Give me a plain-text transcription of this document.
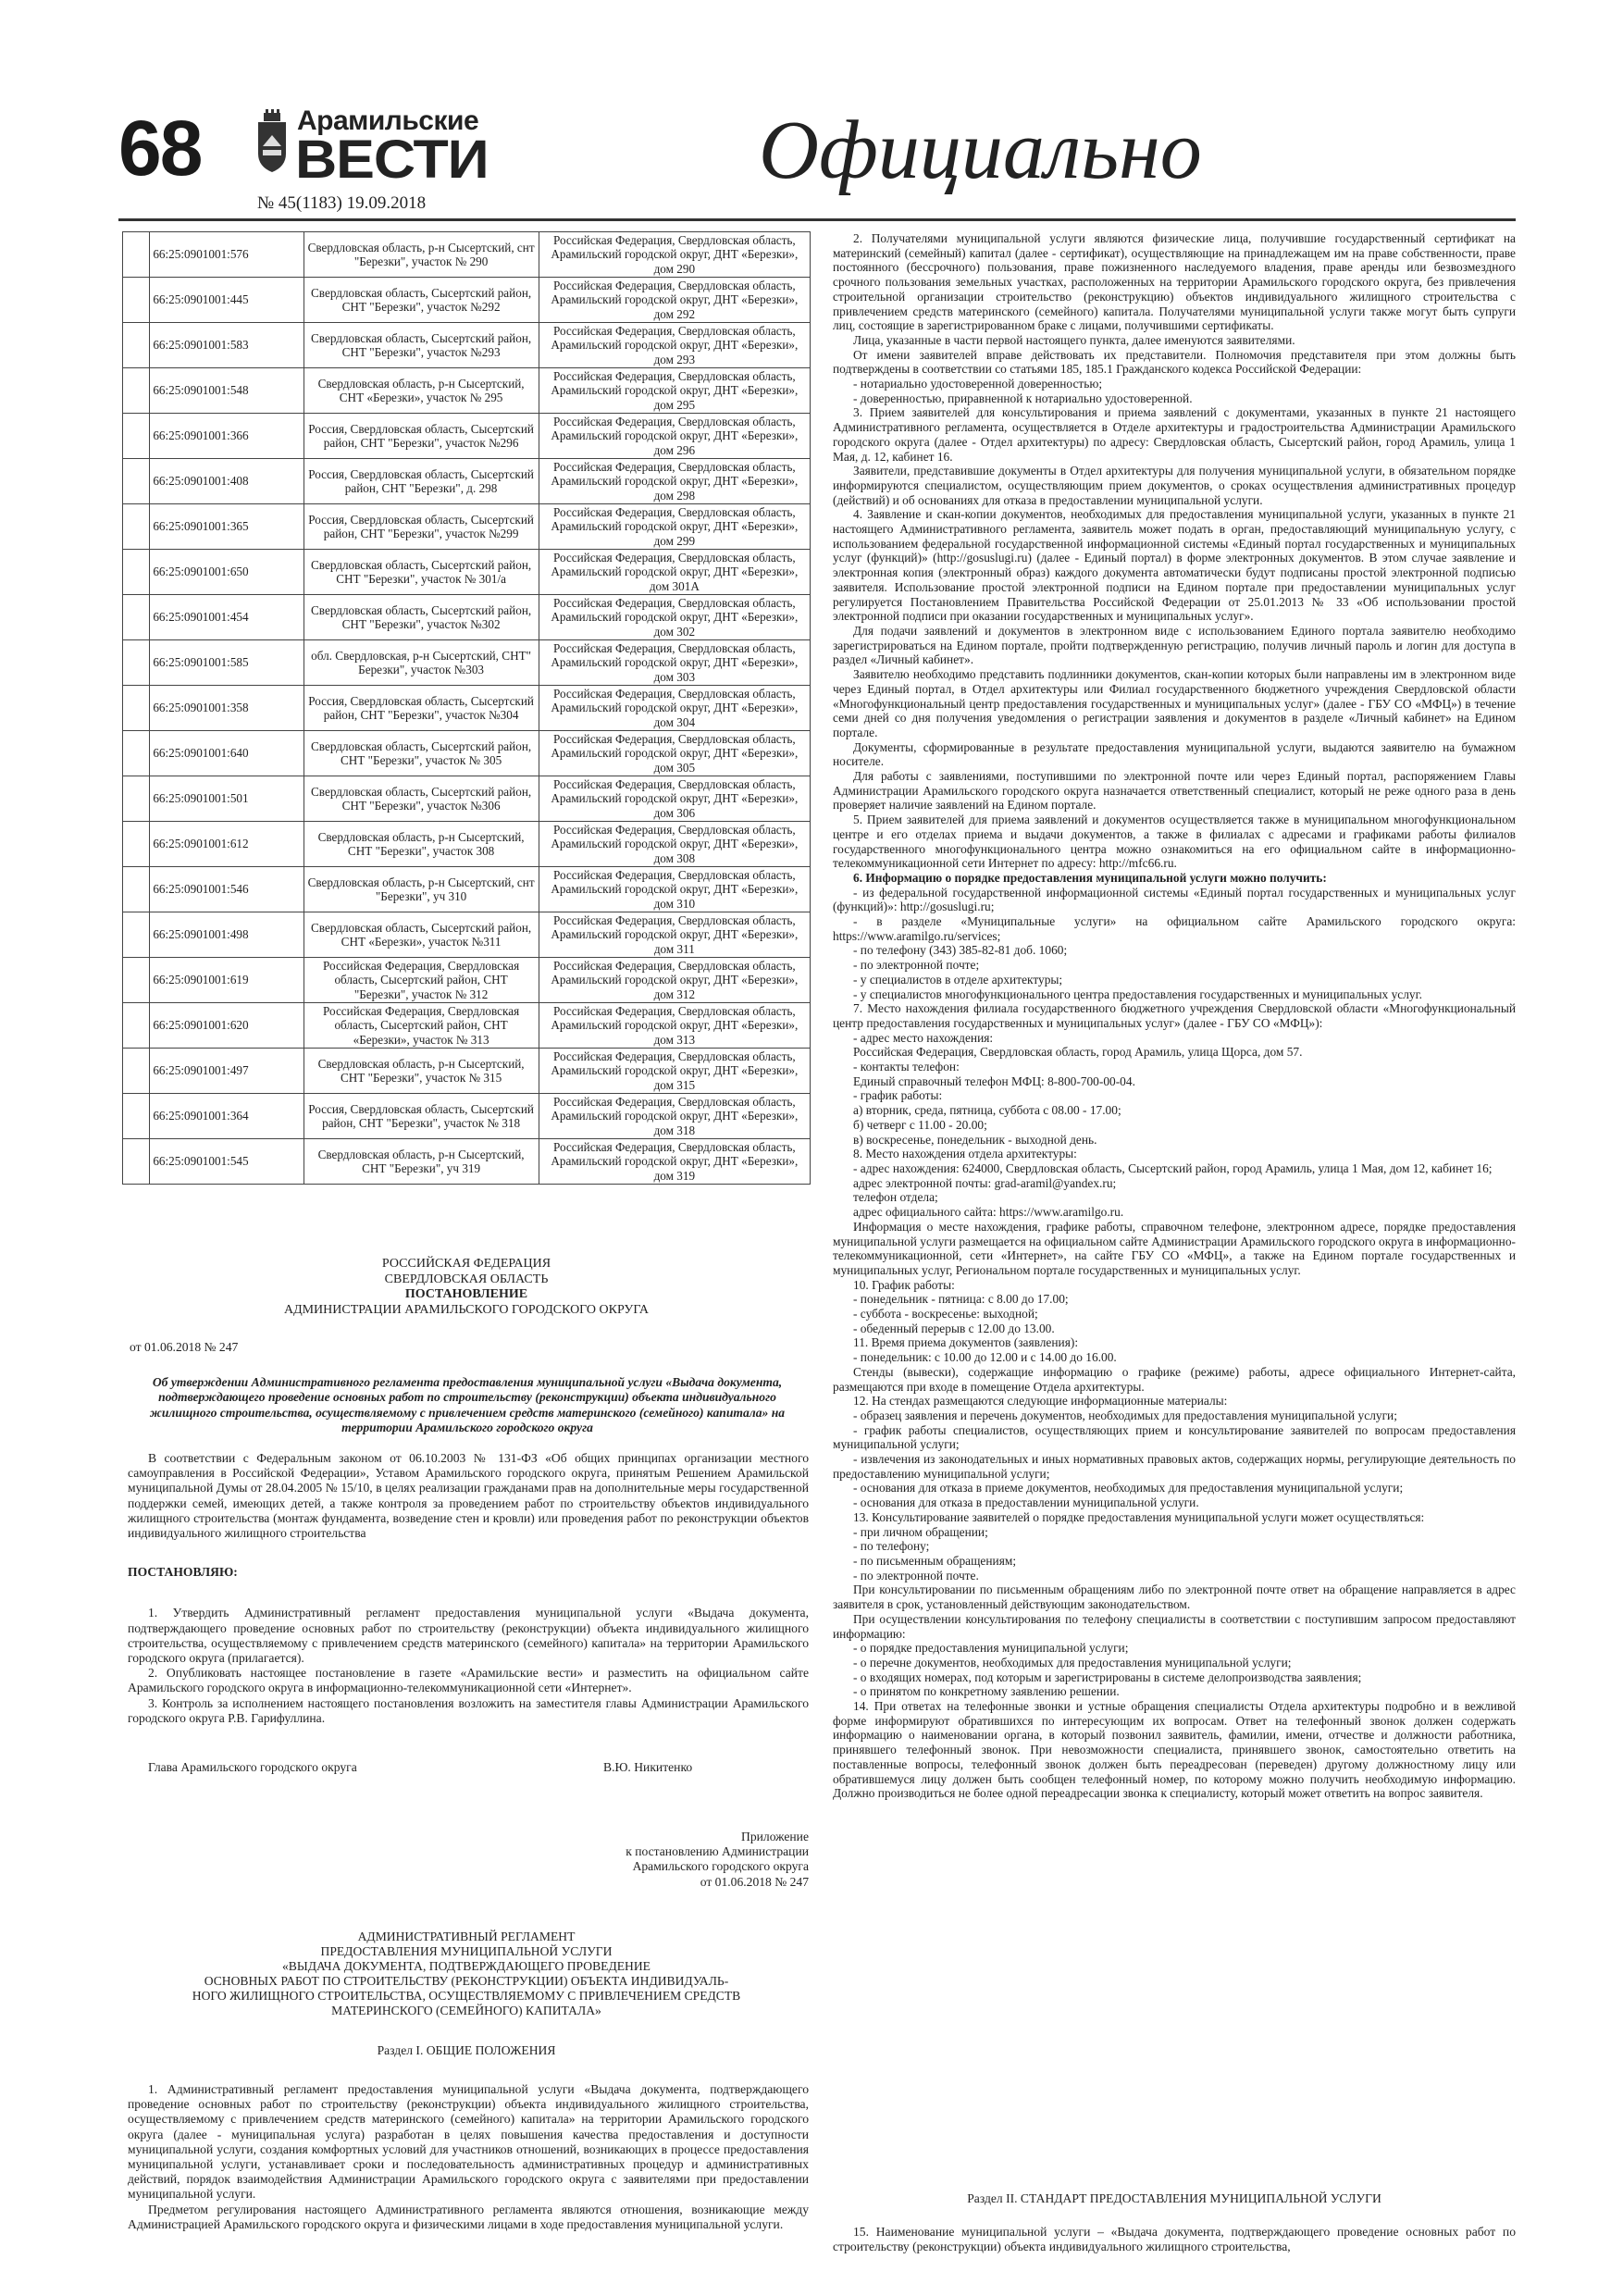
68	Арамильские
ВЕСТИ
№ 45(1183) 19.09.2018
Официально
	66:25:0901001:576	Свердловская область, р-н Сысертский, снт "Березки", участок № 290	Российская Федерация, Свердловская область, Арамильский городской округ, ДНТ «Березки», дом 290
	66:25:0901001:445	Свердловская область, Сысертский район, СНТ "Березки", участок №292	Российская Федерация, Свердловская область, Арамильский городской округ, ДНТ «Березки», дом 292
	66:25:0901001:583	Свердловская область, Сысертский район, СНТ "Березки", участок №293	Российская Федерация, Свердловская область, Арамильский городской округ, ДНТ «Березки», дом 293
	66:25:0901001:548	Свердловская область, р-н Сысертский, СНТ «Березки», участок № 295	Российская Федерация, Свердловская область, Арамильский городской округ, ДНТ «Березки», дом 295
	66:25:0901001:366	Россия, Свердловская область, Сысертский район, СНТ "Березки", участок №296	Российская Федерация, Свердловская область, Арамильский городской округ, ДНТ «Березки», дом 296
	66:25:0901001:408	Россия, Свердловская область, Сысертский район, СНТ "Березки", д. 298	Российская Федерация, Свердловская область, Арамильский городской округ, ДНТ «Березки», дом 298
	66:25:0901001:365	Россия, Свердловская область, Сысертский район, СНТ "Березки", участок №299	Российская Федерация, Свердловская область, Арамильский городской округ, ДНТ «Березки», дом 299
	66:25:0901001:650	Свердловская область, Сысертский район, СНТ "Березки", участок № 301/а	Российская Федерация, Свердловская область, Арамильский городской округ, ДНТ «Березки», дом 301А
	66:25:0901001:454	Свердловская область, Сысертский район, СНТ "Березки", участок №302	Российская Федерация, Свердловская область, Арамильский городской округ, ДНТ «Березки», дом 302
	66:25:0901001:585	обл. Свердловская, р-н Сысертский, СНТ" Березки", участок №303	Российская Федерация, Свердловская область, Арамильский городской округ, ДНТ «Березки», дом 303
	66:25:0901001:358	Россия, Свердловская область, Сысертский район, СНТ "Березки", участок №304	Российская Федерация, Свердловская область, Арамильский городской округ, ДНТ «Березки», дом 304
	66:25:0901001:640	Свердловская область, Сысертский район, СНТ "Березки", участок № 305	Российская Федерация, Свердловская область, Арамильский городской округ, ДНТ «Березки», дом 305
	66:25:0901001:501	Свердловская область, Сысертский район, СНТ "Березки", участок №306	Российская Федерация, Свердловская область, Арамильский городской округ, ДНТ «Березки», дом 306
	66:25:0901001:612	Свердловская область, р-н Сысертский, СНТ "Березки", участок 308	Российская Федерация, Свердловская область, Арамильский городской округ, ДНТ «Березки», дом 308
	66:25:0901001:546	Свердловская область, р-н Сысертский, снт "Березки", уч 310	Российская Федерация, Свердловская область, Арамильский городской округ, ДНТ «Березки», дом 310
	66:25:0901001:498	Свердловская область, Сысертский район, СНТ «Березки», участок №311	Российская Федерация, Свердловская область, Арамильский городской округ, ДНТ «Березки», дом 311
	66:25:0901001:619	Российская Федерация, Свердловская область, Сысертский район, СНТ "Березки", участок № 312	Российская Федерация, Свердловская область, Арамильский городской округ, ДНТ «Березки», дом 312
	66:25:0901001:620	Российская Федерация, Свердловская область, Сысертский район, СНТ «Березки», участок № 313	Российская Федерация, Свердловская область, Арамильский городской округ, ДНТ «Березки», дом 313
	66:25:0901001:497	Свердловская область, р-н Сысертский, СНТ "Березки", участок № 315	Российская Федерация, Свердловская область, Арамильский городской округ, ДНТ «Березки», дом 315
	66:25:0901001:364	Россия, Свердловская область, Сысертский район, СНТ "Березки", участок № 318	Российская Федерация, Свердловская область, Арамильский городской округ, ДНТ «Березки», дом 318
	66:25:0901001:545	Свердловская область, р-н Сысертский, СНТ "Березки", уч 319	Российская Федерация, Свердловская область, Арамильский городской округ, ДНТ «Березки», дом 319
РОССИЙСКАЯ ФЕДЕРАЦИЯ
СВЕРДЛОВСКАЯ ОБЛАСТЬ
ПОСТАНОВЛЕНИЕ
АДМИНИСТРАЦИИ АРАМИЛЬСКОГО ГОРОДСКОГО ОКРУГА
от 01.06.2018 № 247
Об утверждении Административного регламента предоставления муниципальной услуги «Выдача документа, подтверждающего проведение основных работ по строительству (реконструкции) объекта индивидуального жилищного строительства, осуществляемому с привлечением средств материнского (семейного) капитала» на территории Арамильского городского округа

В соответствии с Федеральным законом от 06.10.2003 № 131-ФЗ «Об общих принципах организации местного самоуправления в Российской Федерации», Уставом Арамильского городского округа, принятым Решением Арамильской муниципальной Думы от 28.04.2005 № 15/10, в целях реализации гражданами прав на дополнительные меры государственной поддержки семей, имеющих детей, а также контроля за проведением работ по строительству объектов индивидуального жилищного строительства (монтаж фундамента, возведение стен и кровли) или проведения работ по реконструкции объектов индивидуального жилищного строительства

ПОСТАНОВЛЯЮ:

1. Утвердить Административный регламент предоставления муниципальной услуги «Выдача документа, подтверждающего проведение основных работ по строительству (реконструкции) объекта индивидуального жилищного строительства, осуществляемому с привлечением средств материнского (семейного) капитала» на территории Арамильского городского округа (прилагается).

2. Опубликовать настоящее постановление в газете «Арамильские вести» и разместить на официальном сайте Арамильского городского округа в информационно-телекоммуникационной сети «Интернет».

3. Контроль за исполнением настоящего постановления возложить на заместителя главы Администрации Арамильского городского округа Р.В. Гарифуллина.

Глава Арамильского городского округа	В.Ю. Никитенко
Приложение
к постановлению Администрации
Арамильского городского округа
от 01.06.2018 № 247
АДМИНИСТРАТИВНЫЙ РЕГЛАМЕНТ
ПРЕДОСТАВЛЕНИЯ МУНИЦИПАЛЬНОЙ УСЛУГИ
«ВЫДАЧА ДОКУМЕНТА, ПОДТВЕРЖДАЮЩЕГО ПРОВЕДЕНИЕ
ОСНОВНЫХ РАБОТ ПО СТРОИТЕЛЬСТВУ (РЕКОНСТРУКЦИИ) ОБЪЕКТА ИНДИВИДУАЛЬ-
НОГО ЖИЛИЩНОГО СТРОИТЕЛЬСТВА, ОСУЩЕСТВЛЯЕМОМУ С ПРИВЛЕЧЕНИЕМ СРЕДСТВ
МАТЕРИНСКОГО (СЕМЕЙНОГО) КАПИТАЛА»
Раздел I. ОБЩИЕ ПОЛОЖЕНИЯ

1. Административный регламент предоставления муниципальной услуги «Выдача документа, подтверждающего проведение основных работ по строительству (реконструкции) объекта индивидуального жилищного строительства, осуществляемому с привлечением средств материнского (семейного) капитала» на территории Арамильского городского округа (далее - муниципальная услуга) разработан в целях повышения качества предоставления и доступности муниципальной услуги, создания комфортных условий для участников отношений, возникающих в процессе предоставления муниципальной услуги, устанавливает сроки и последовательность административных процедур и административных действий, порядок взаимодействия Администрации Арамильского городского округа с заявителями при предоставлении муниципальной услуги.

Предметом регулирования настоящего Административного регламента являются отношения, возникающие между Администрацией Арамильского городского округа и физическими лицами в ходе предоставления муниципальной услуги.

2. Получателями муниципальной услуги являются физические лица, получившие государственный сертификат на материнский (семейный) капитал (далее - сертификат), осуществляющие на принадлежащем им на праве собственности, праве постоянного (бессрочного) пользования, праве пожизненного наследуемого владения, праве аренды или безвозмездного срочного пользования земельных участках, расположенных на территории Арамильского городского округа, без привлечения строительной организации строительство (реконструкцию) объектов индивидуального жилищного строительства с привлечением средств материнского (семейного) капитала. Получателями муниципальной услуги также могут быть супруги лиц, состоящие в зарегистрированном браке с лицами, получившими сертификаты.

Лица, указанные в части первой настоящего пункта, далее именуются заявителями.

От имени заявителей вправе действовать их представители. Полномочия представителя при этом должны быть подтверждены в соответствии со статьями 185, 185.1 Гражданского кодекса Российской Федерации:

- нотариально удостоверенной доверенностью;

- доверенностью, приравненной к нотариально удостоверенной.

3. Прием заявителей для консультирования и приема заявлений с документами, указанных в пункте 21 настоящего Административного регламента, осуществляется в Отделе архитектуры и градостроительства Администрации Арамильского городского округа (далее - Отдел архитектуры) по адресу: Свердловская область, Сысертский район, город Арамиль, улица 1 Мая, д. 12, кабинет 16.

Заявители, представившие документы в Отдел архитектуры для получения муниципальной услуги, в обязательном порядке информируются специалистом, осуществляющим прием документов, о сроках осуществления административных процедур (действий) и об основаниях для отказа в предоставлении муниципальной услуги.

4. Заявление и скан-копии документов, необходимых для предоставления муниципальной услуги, указанных в пункте 21 настоящего Административного регламента, заявитель может подать в орган, предоставляющий муниципальную услугу, с использованием федеральной государственной информационной системы «Единый портал государственных и муниципальных услуг (функций)» (http://gosuslugi.ru) (далее - Единый портал) в форме электронных документов. В этом случае заявление и электронная копия (электронный образ) каждого документа автоматически будут подписаны простой электронной подписью заявителя. Использование простой электронной подписи на Едином портале при предоставлении муниципальных услуг регулируется Постановлением Правительства Российской Федерации от 25.01.2013 № 33 «Об использовании простой электронной подписи при оказании государственных и муниципальных услуг».

Для подачи заявлений и документов в электронном виде с использованием Единого портала заявителю необходимо зарегистрироваться на Едином портале, пройти подтвержденную регистрацию, получив личный пароль и логин для доступа в раздел «Личный кабинет».

Заявителю необходимо представить подлинники документов, скан-копии которых были направлены им в электронном виде через Единый портал, в Отдел архитектуры или Филиал государственного бюджетного учреждения Свердловской области «Многофункциональный центр предоставления государственных и муниципальных услуг» (далее - ГБУ СО «МФЦ») в течение семи дней со дня получения уведомления о регистрации заявления и документов в разделе «Личный кабинет» на Едином портале.

Документы, сформированные в результате предоставления муниципальной услуги, выдаются заявителю на бумажном носителе.

Для работы с заявлениями, поступившими по электронной почте или через Единый портал, распоряжением Главы Администрации Арамильского городского округа назначается ответственный специалист, который не реже одного раза в день проверяет наличие заявлений на Едином портале.

5. Прием заявителей для приема заявлений и документов осуществляется также в муниципальном многофункциональном центре и его отделах приема и выдачи документов, а также в филиалах с адресами и графиками работы филиалов государственного многофункционального центра можно ознакомиться на его официальном сайте в информационно-телекоммуникационной сети Интернет по адресу: http://mfc66.ru.

6. Информацию о порядке предоставления муниципальной услуги можно получить:

- из федеральной государственной информационной системы «Единый портал государственных и муниципальных услуг (функций)»: http://gosuslugi.ru;

- в разделе «Муниципальные услуги» на официальном сайте Арамильского городского округа: https://www.aramilgo.ru/services;

- по телефону (343) 385-82-81 доб. 1060;

- по электронной почте;

- у специалистов в отделе архитектуры;

- у специалистов многофункционального центра предоставления государственных и муниципальных услуг.

7. Место нахождения филиала государственного бюджетного учреждения Свердловской области «Многофункциональный центр предоставления государственных и муниципальных услуг» (далее - ГБУ СО «МФЦ»):

- адрес место нахождения:

Российская Федерация, Свердловская область, город Арамиль, улица Щорса, дом 57.

- контакты телефон:

Единый справочный телефон МФЦ: 8-800-700-00-04.

- график работы:

а) вторник, среда, пятница, суббота с 08.00 - 17.00;

б) четверг с 11.00 - 20.00;

в) воскресенье, понедельник - выходной день.

8. Место нахождения отдела архитектуры:

- адрес нахождения: 624000, Свердловская область, Сысертский район, город Арамиль, улица 1 Мая, дом 12, кабинет 16;

адрес электронной почты: grad-aramil@yandex.ru;

телефон отдела;

адрес официального сайта: https://www.aramilgo.ru.

Информация о месте нахождения, графике работы, справочном телефоне, электронном адресе, порядке предоставления муниципальной услуги размещается на официальном сайте Администрации Арамильского городского округа в информационно-телекоммуникационной, сети «Интернет», на сайте ГБУ СО «МФЦ», а также на Едином портале государственных и муниципальных услуг, Региональном портале государственных и муниципальных услуг.

10. График работы:

- понедельник - пятница: с 8.00 до 17.00;

- суббота - воскресенье: выходной;

- обеденный перерыв с 12.00 до 13.00.

11. Время приема документов (заявления):

- понедельник: с 10.00 до 12.00 и с 14.00 до 16.00.

Стенды (вывески), содержащие информацию о графике (режиме) работы, адресе официального Интернет-сайта, размещаются при входе в помещение Отдела архитектуры.

12. На стендах размещаются следующие информационные материалы:

- образец заявления и перечень документов, необходимых для предоставления муниципальной услуги;

- график работы специалистов, осуществляющих прием и консультирование заявителей по вопросам предоставления муниципальной услуги;

- извлечения из законодательных и иных нормативных правовых актов, содержащих нормы, регулирующие деятельность по предоставлению муниципальной услуги;

- основания для отказа в приеме документов, необходимых для предоставления муниципальной услуги;

- основания для отказа в предоставлении муниципальной услуги.

13. Консультирование заявителей о порядке предоставления муниципальной услуги может осуществляться:

- при личном обращении;

- по телефону;

- по письменным обращениям;

- по электронной почте.

При консультировании по письменным обращениям либо по электронной почте ответ на обращение направляется в адрес заявителя в срок, установленный действующим законодательством.

При осуществлении консультирования по телефону специалисты в соответствии с поступившим запросом предоставляют информацию:

- о порядке предоставления муниципальной услуги;

- о перечне документов, необходимых для предоставления муниципальной услуги;

- о входящих номерах, под которым и зарегистрированы в системе делопроизводства заявления;

- о принятом по конкретному заявлению решении.

14. При ответах на телефонные звонки и устные обращения специалисты Отдела архитектуры подробно и в вежливой форме информируют обратившихся по интересующим их вопросам. Ответ на телефонный звонок должен содержать информацию о наименовании органа, в который позвонил заявитель, фамилии, имени, отчестве и должности работника, принявшего телефонный звонок. При невозможности специалиста, принявшего звонок, самостоятельно ответить на поставленные вопросы, телефонный звонок должен быть переадресован (переведен) другому должностному лицу или обратившемуся лицу должен быть сообщен телефонный номер, по которому можно получить необходимую информацию. Должно производиться не более одной переадресации звонка к специалисту, который может ответить на вопрос заявителя.

Раздел II. СТАНДАРТ ПРЕДОСТАВЛЕНИЯ МУНИЦИПАЛЬНОЙ УСЛУГИ

15. Наименование муниципальной услуги – «Выдача документа, подтверждающего проведение основных работ по строительству (реконструкции) объекта индивидуального жилищного строительства,
